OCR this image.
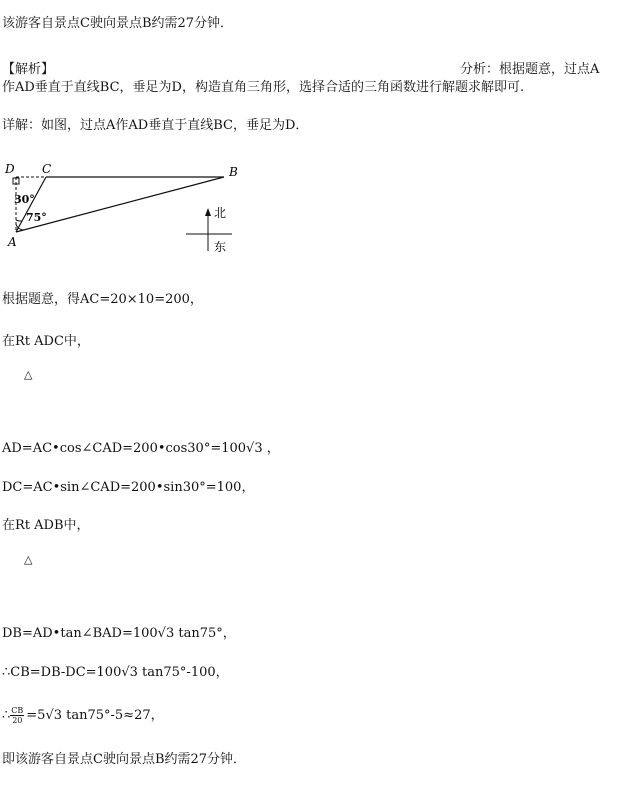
该游客自景点C驶向景点B约需27分钟．
【解析】	分析：根据题意，过点A
作AD垂直于直线BC，垂足为D，构造直角三角形，选择合适的三角函数进行解题求解即可.
详解：如图，过点A作AD垂直于直线BC，垂足为D．
D C	B
A
30°
75°	北
东
根据题意，得AC=20×10=200，
在Rt ADC中，
△
AD=AC•cos∠CAD=200•cos30°=100√3 ，
DC=AC•sin∠CAD=200•sin30°=100，
在Rt ADB中，
△
DB=AD•tan∠BAD=100√3 tan75°，
∴CB=DB-DC=100√3 tan75°-100，
∴ $\frac{CB}{20} =5√3$ tan75°-5≈27，
即该游客自景点C驶向景点B约需27分钟．
